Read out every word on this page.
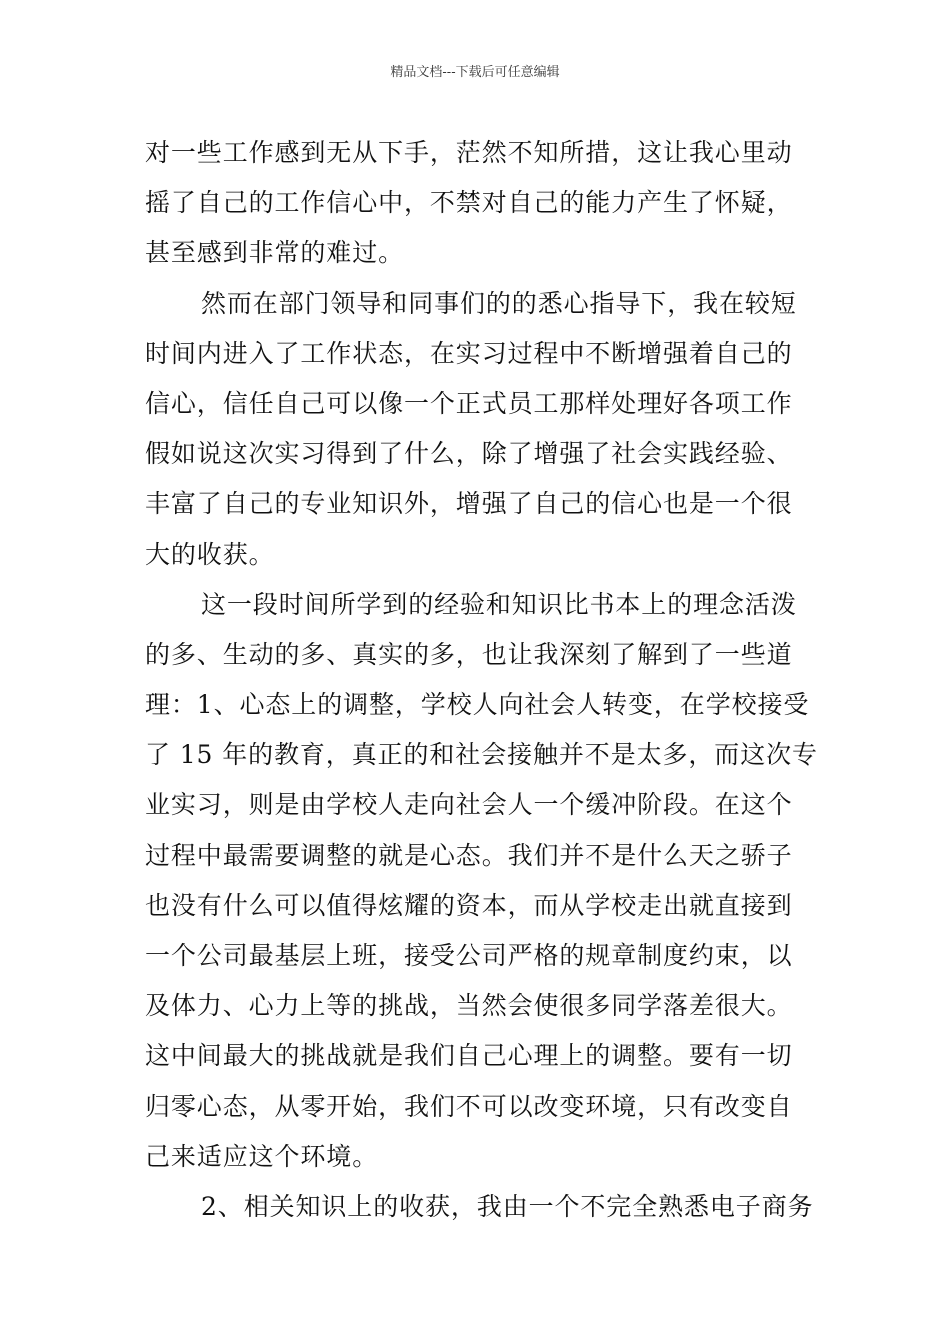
精品文档---下载后可任意编辑
对一些工作感到无从下手，茫然不知所措，这让我心里动
摇了自己的工作信心中，不禁对自己的能力产生了怀疑，
甚至感到非常的难过。
然而在部门领导和同事们的的悉心指导下，我在较短
时间内进入了工作状态，在实习过程中不断增强着自己的
信心，信任自己可以像一个正式员工那样处理好各项工作
假如说这次实习得到了什么，除了增强了社会实践经验、
丰富了自己的专业知识外，增强了自己的信心也是一个很
大的收获。
这一段时间所学到的经验和知识比书本上的理念活泼
的多、生动的多、真实的多，也让我深刻了解到了一些道
理：1、心态上的调整，学校人向社会人转变，在学校接受
了 15 年的教育，真正的和社会接触并不是太多，而这次专
业实习，则是由学校人走向社会人一个缓冲阶段。在这个
过程中最需要调整的就是心态。我们并不是什么天之骄子
也没有什么可以值得炫耀的资本，而从学校走出就直接到
一个公司最基层上班，接受公司严格的规章制度约束，以
及体力、心力上等的挑战，当然会使很多同学落差很大。
这中间最大的挑战就是我们自己心理上的调整。要有一切
归零心态，从零开始，我们不可以改变环境，只有改变自
己来适应这个环境。
2、相关知识上的收获，我由一个不完全熟悉电子商务
